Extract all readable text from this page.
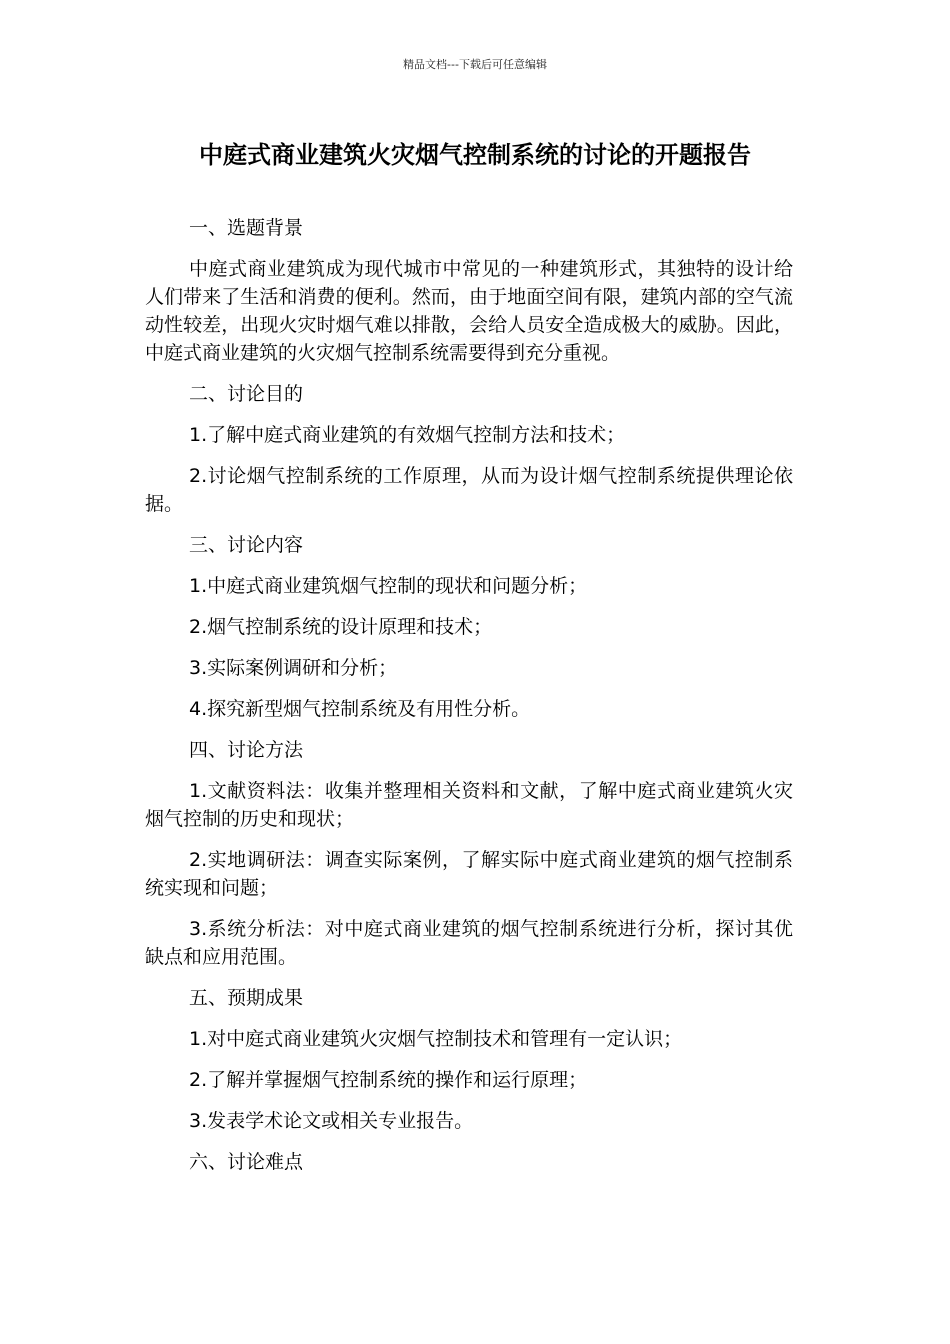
精品文档---下载后可任意编辑
中庭式商业建筑火灾烟气控制系统的讨论的开题报告

一、选题背景

中庭式商业建筑成为现代城市中常见的一种建筑形式，其独特的设计给人们带来了生活和消费的便利。然而，由于地面空间有限，建筑内部的空气流动性较差，出现火灾时烟气难以排散，会给人员安全造成极大的威胁。因此，中庭式商业建筑的火灾烟气控制系统需要得到充分重视。

二、讨论目的

1.了解中庭式商业建筑的有效烟气控制方法和技术；

2.讨论烟气控制系统的工作原理，从而为设计烟气控制系统提供理论依据。

三、讨论内容

1.中庭式商业建筑烟气控制的现状和问题分析；

2.烟气控制系统的设计原理和技术；

3.实际案例调研和分析；

4.探究新型烟气控制系统及有用性分析。

四、讨论方法

1.文献资料法：收集并整理相关资料和文献，了解中庭式商业建筑火灾烟气控制的历史和现状；

2.实地调研法：调查实际案例，了解实际中庭式商业建筑的烟气控制系统实现和问题；

3.系统分析法：对中庭式商业建筑的烟气控制系统进行分析，探讨其优缺点和应用范围。

五、预期成果

1.对中庭式商业建筑火灾烟气控制技术和管理有一定认识；

2.了解并掌握烟气控制系统的操作和运行原理；

3.发表学术论文或相关专业报告。

六、讨论难点
